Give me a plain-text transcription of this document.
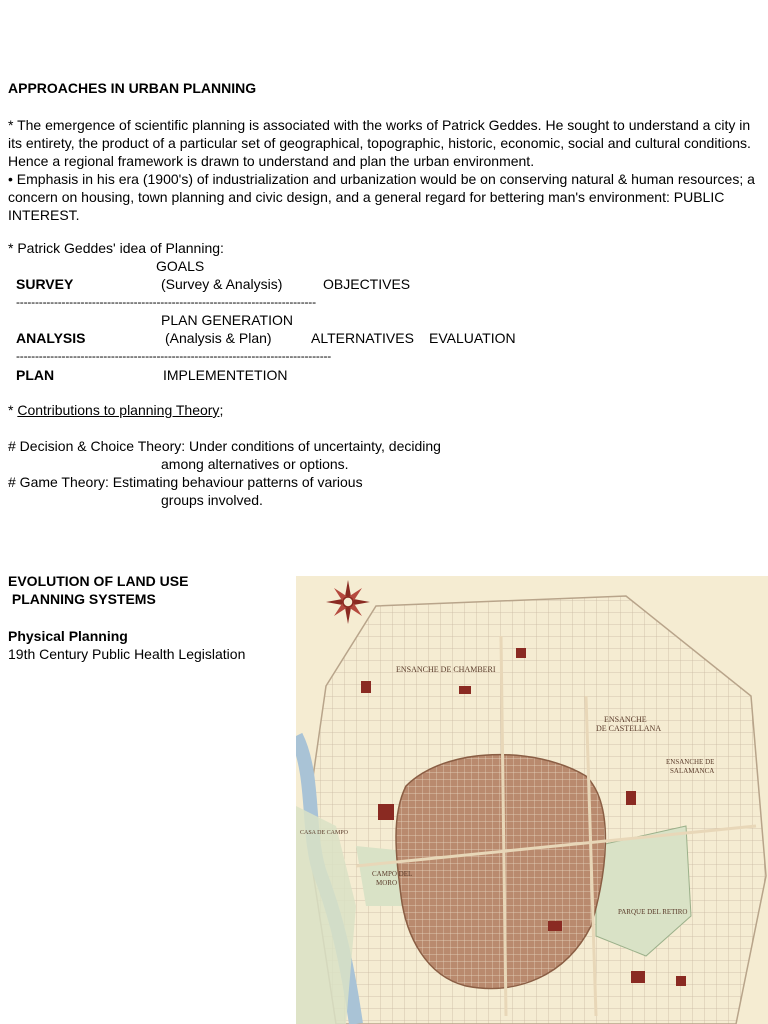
APPROACHES IN URBAN PLANNING

* The emergence of scientific planning is associated with the works of Patrick Geddes. He sought to understand a city in its entirety, the product of a particular set of geographical, topographic, historic, economic, social and cultural conditions. Hence a regional framework is drawn to understand and plan the urban environment.

• Emphasis in his era (1900's) of industrialization and urbanization would be on conserving natural & human resources; a concern on housing, town planning and civic design, and a general regard for bettering man's environment: PUBLIC INTEREST.

* Patrick Geddes' idea of Planning:
GOALS
SURVEY	(Survey & Analysis)	OBJECTIVES
-------------------------------------------------------------------------------
PLAN GENERATION
ANALYSIS	(Analysis & Plan)	ALTERNATIVES EVALUATION
-----------------------------------------------------------------------------------
PLAN	IMPLEMENTETION
* Contributions to planning Theory;
# Decision & Choice Theory: Under conditions of uncertainty, deciding
among alternatives or options.
# Game Theory: Estimating behaviour patterns of various
groups involved.
EVOLUTION OF LAND USE
PLANNING SYSTEMS
Physical Planning
19th Century Public Health Legislation
ENSANCHE DE CHAMBERI
ENSANCHE
DE CASTELLANA
ENSANCHE DE
SALAMANCA
CAMPO DEL
MORO
PARQUE DEL RETIRO
CASA DE CAMPO
